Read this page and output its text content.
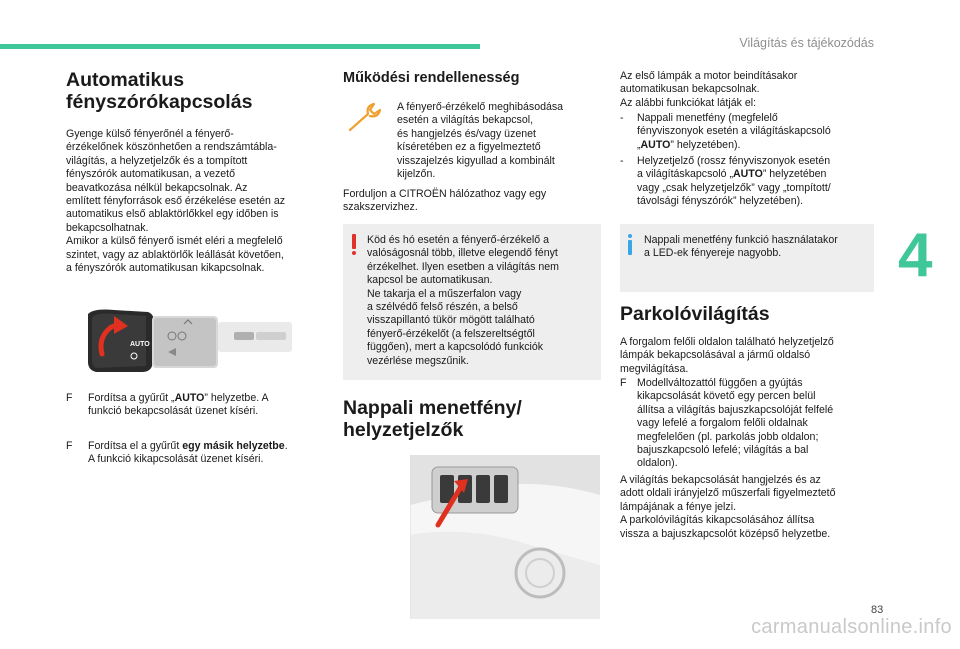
Világítás és tájékozódás
4
83
carmanualsonline.info
Automatikus
fényszórókapcsolás

Gyenge külső fényerőnél a fényerő-
érzékelőnek köszönhetően a rendszámtábla-
világítás, a helyzetjelzők és a tompított
fényszórók automatikusan, a vezető
beavatkozása nélkül bekapcsolnak. Az
említett fényforrások eső érzékelése esetén az
automatikus első ablaktörlőkkel egy időben is
bekapcsolhatnak.
Amikor a külső fényerő ismét eléri a megfelelő
szintet, vagy az ablaktörlők leállását követően,
a fényszórók automatikusan kikapcsolnak.

AUTO
F Fordítsa a gyűrűt „AUTO” helyzetbe. A
funkció bekapcsolását üzenet kíséri.

F Fordítsa el a gyűrűt egy másik helyzetbe.
A funkció kikapcsolását üzenet kíséri.

Működési rendellenesség

A fényerő-érzékelő meghibásodása
esetén a világítás bekapcsol,
és hangjelzés és/vagy üzenet
kíséretében ez a figyelmeztető
visszajelzés kigyullad a kombinált
kijelzőn.

Forduljon a CITROËN hálózathoz vagy egy
szakszervizhez.

Köd és hó esetén a fényerő-érzékelő a
valóságosnál több, illetve elegendő fényt
érzékelhet. Ilyen esetben a világítás nem
kapcsol be automatikusan.
Ne takarja el a műszerfalon vagy
a szélvédő felső részén, a belső
visszapillantó tükör mögött található
fényerő-érzékelőt (a felszereltségtől
függően), mert a kapcsolódó funkciók
vezérlése megszűnik.

Nappali menetfény/
helyzetjelzők

Az első lámpák a motor beindításakor
automatikusan bekapcsolnak.
Az alábbi funkciókat látják el:

- Nappali menetfény (megfelelő
fényviszonyok esetén a világításkapcsoló
„AUTO” helyzetében).

- Helyzetjelző (rossz fényviszonyok esetén
a világításkapcsoló „AUTO” helyzetében
vagy „csak helyzetjelzők” vagy „tompított/
távolsági fényszórók” helyzetében).

Nappali menetfény funkció használatakor
a LED-ek fényereje nagyobb.

Parkolóvilágítás

A forgalom felőli oldalon található helyzetjelző
lámpák bekapcsolásával a jármű oldalsó
megvilágítása.

F Modellváltozattól függően a gyújtás
kikapcsolását követő egy percen belül
állítsa a világítás bajuszkapcsolóját felfelé
vagy lefelé a forgalom felőli oldalnak
megfelelően (pl. parkolás jobb oldalon;
bajuszkapcsoló lefelé; világítás a bal
oldalon).

A világítás bekapcsolását hangjelzés és az
adott oldali irányjelző műszerfali figyelmeztető
lámpájának a fénye jelzi.
A parkolóvilágítás kikapcsolásához állítsa
vissza a bajuszkapcsolót középső helyzetbe.
